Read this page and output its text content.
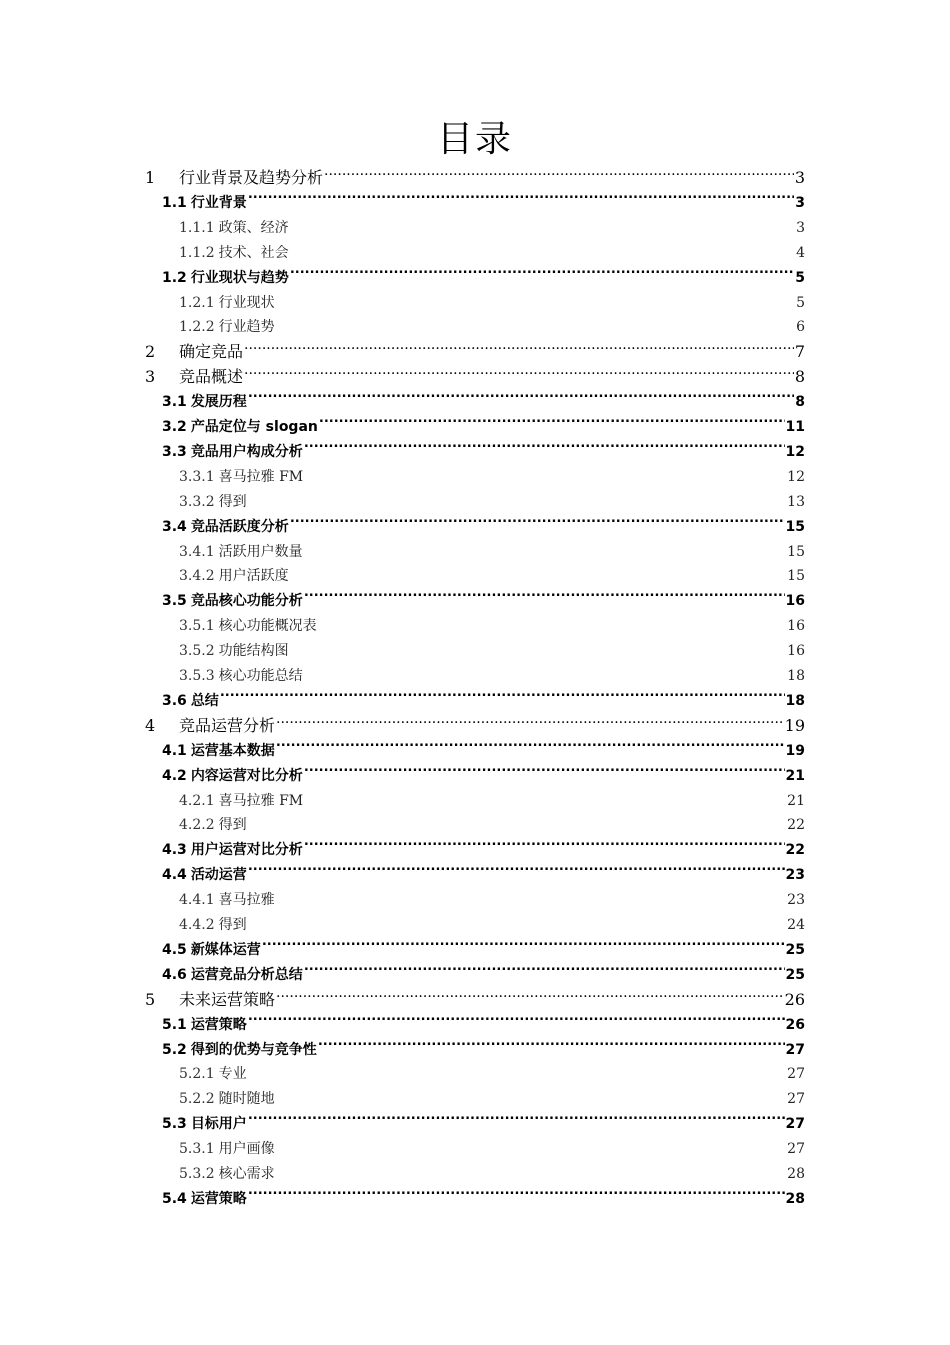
目录
1	行业背景及趋势分析 .....	3
1.1 行业背景 .....	3
1.1.1 政策、经济 .....	3
1.1.2 技术、社会 .....	4
1.2 行业现状与趋势 .....	5
1.2.1 行业现状 .....	5
1.2.2 行业趋势 .....	6
2	确定竞品 .....	7
3	竞品概述 .....	8
3.1 发展历程 .....	8
3.2 产品定位与 slogan .....	11
3.3 竞品用户构成分析 .....	12
3.3.1 喜马拉雅 FM .....	12
3.3.2 得到 .....	13
3.4 竞品活跃度分析 .....	15
3.4.1 活跃用户数量 .....	15
3.4.2 用户活跃度 .....	15
3.5 竞品核心功能分析 .....	16
3.5.1 核心功能概况表 .....	16
3.5.2 功能结构图 .....	16
3.5.3 核心功能总结 .....	18
3.6 总结 .....	18
4	竞品运营分析 .....	19
4.1 运营基本数据 .....	19
4.2 内容运营对比分析 .....	21
4.2.1 喜马拉雅 FM .....	21
4.2.2 得到 .....	22
4.3 用户运营对比分析 .....	22
4.4 活动运营 .....	23
4.4.1 喜马拉雅 .....	23
4.4.2 得到 .....	24
4.5 新媒体运营 .....	25
4.6 运营竞品分析总结 .....	25
5	未来运营策略 .....	26
5.1 运营策略 .....	26
5.2 得到的优势与竞争性 .....	27
5.2.1 专业 .....	27
5.2.2 随时随地 .....	27
5.3 目标用户 .....	27
5.3.1 用户画像 .....	27
5.3.2 核心需求 .....	28
5.4 运营策略 .....	28
